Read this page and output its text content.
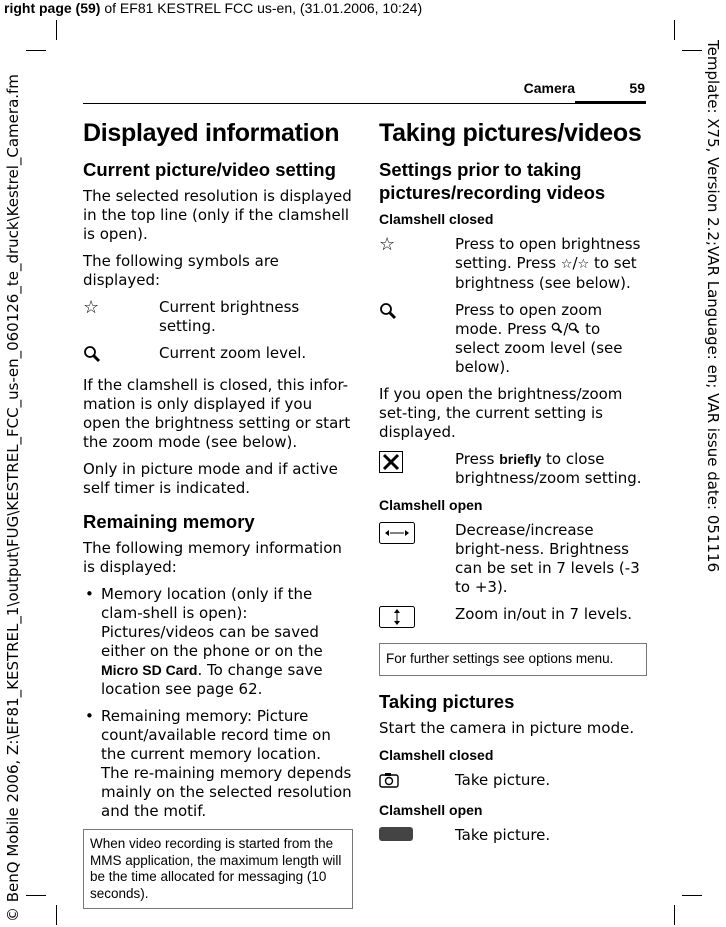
right page (59) of EF81 KESTREL FCC us-en, (31.01.2006, 10:24)
Template: X75, Version 2.2;VAR Language: en; VAR issue date: 051116
© BenQ Mobile 2006, Z:\EF81_KESTREL_1\output\FUG\KESTREL_FCC_us-en_060126_te_druck\Kestrel_Camera.fm	Camera	59
Displayed information
Current picture/video setting

The selected resolution is displayed in the top line (only if the clamshell is open).

The following symbols are displayed:

☆	Current brightness setting.
Current zoom level.

If the clamshell is closed, this infor-mation is only displayed if you open the brightness setting or start the zoom mode (see below).

Only in picture mode and if active self timer is indicated.

Remaining memory

The following memory information is displayed:

• Memory location (only if the clam-shell is open): Pictures/videos can be saved either on the phone or on the Micro SD Card. To change save location see page 62.
• Remaining memory: Picture count/available record time on the current memory location. The re-maining memory depends mainly on the selected resolution and the motif.
When video recording is started from the MMS application, the maximum length will be the time allocated for messaging (10 seconds).
Taking pictures/videos
Settings prior to taking pictures/recording videos
Clamshell closed
☆	Press to open brightness setting. Press ☆/☆ to set brightness (see below).
Press to open zoom mode. Press / to select zoom level (see below).

If you open the brightness/zoom set-ting, the current setting is displayed.

Press briefly to close brightness/zoom setting.
Clamshell open
Decrease/increase bright-ness. Brightness can be set in 7 levels (-3 to +3).
Zoom in/out in 7 levels.
For further settings see options menu.
Taking pictures

Start the camera in picture mode.

Clamshell closed
Take picture.
Clamshell open
Take picture.
